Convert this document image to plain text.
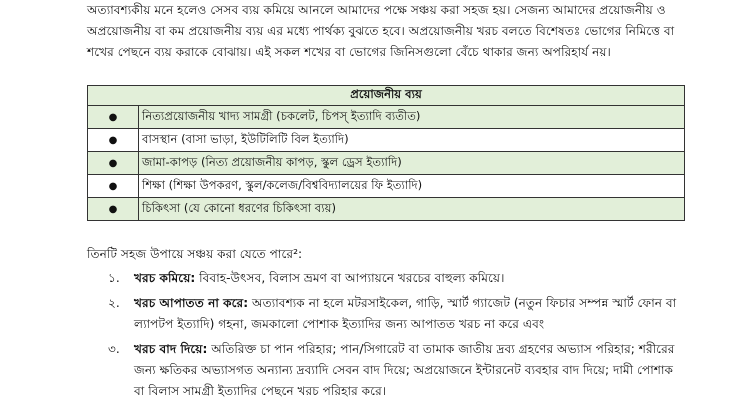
অত্যাবশ্যকীয় মনে হলেও সেসব ব্যয় কমিয়ে আনলে আমাদের পক্ষে সঞ্চয় করা সহজ হয়। সেজন্য আমাদের প্রয়োজনীয় ও
অপ্রয়োজনীয় বা কম প্রয়োজনীয় ব্যয় এর মধ্যে পার্থক্য বুঝতে হবে। অপ্রয়োজনীয় খরচ বলতে বিশেষতঃ ভোগের নিমিত্তে বা
শখের পেছনে ব্যয় করাকে বোঝায়। এই সকল শখের বা ভোগের জিনিসগুলো বেঁচে থাকার জন্য অপরিহার্য নয়।

প্রয়োজনীয় ব্যয়	
●	নিত্যপ্রয়োজনীয় খাদ্য সামগ্রী (চকলেট, চিপস্ ইত্যাদি ব্যতীত)
●	বাসস্থান (বাসা ভাড়া, ইউটিলিটি বিল ইত্যাদি)
●	জামা-কাপড় (নিত্য প্রয়োজনীয় কাপড়, স্কুল ড্রেস ইত্যাদি)
●	শিক্ষা (শিক্ষা উপকরণ, স্কুল/কলেজ/বিশ্ববিদ্যালয়ের ফি ইত্যাদি)
●	চিকিৎসা (যে কোনো ধরণের চিকিৎসা ব্যয়)

তিনটি সহজ উপায়ে সঞ্চয় করা যেতে পারে²:

১.	খরচ কমিয়ে: বিবাহ-উৎসব, বিলাস ভ্রমণ বা আপ্যায়নে খরচের বাহুল্য কমিয়ে।
২.	খরচ আপাতত না করে: অত্যাবশ্যক না হলে মটরসাইকেল, গাড়ি, স্মার্ট গ্যাজেট (নতুন ফিচার সম্পন্ন স্মার্ট ফোন বা
ল্যাপটপ ইত্যাদি) গহনা, জমকালো পোশাক ইত্যাদির জন্য আপাতত খরচ না করে এবং
৩.	খরচ বাদ দিয়ে: অতিরিক্ত চা পান পরিহার; পান/সিগারেট বা তামাক জাতীয় দ্রব্য গ্রহণের অভ্যাস পরিহার; শরীরের
জন্য ক্ষতিকর অভ্যাসগত অন্যান্য দ্রব্যাদি সেবন বাদ দিয়ে; অপ্রয়োজনে ইন্টারনেট ব্যবহার বাদ দিয়ে; দামী পোশাক
বা বিলাস সামগ্রী ইত্যাদির পেছনে খরচ পরিহার করে।
